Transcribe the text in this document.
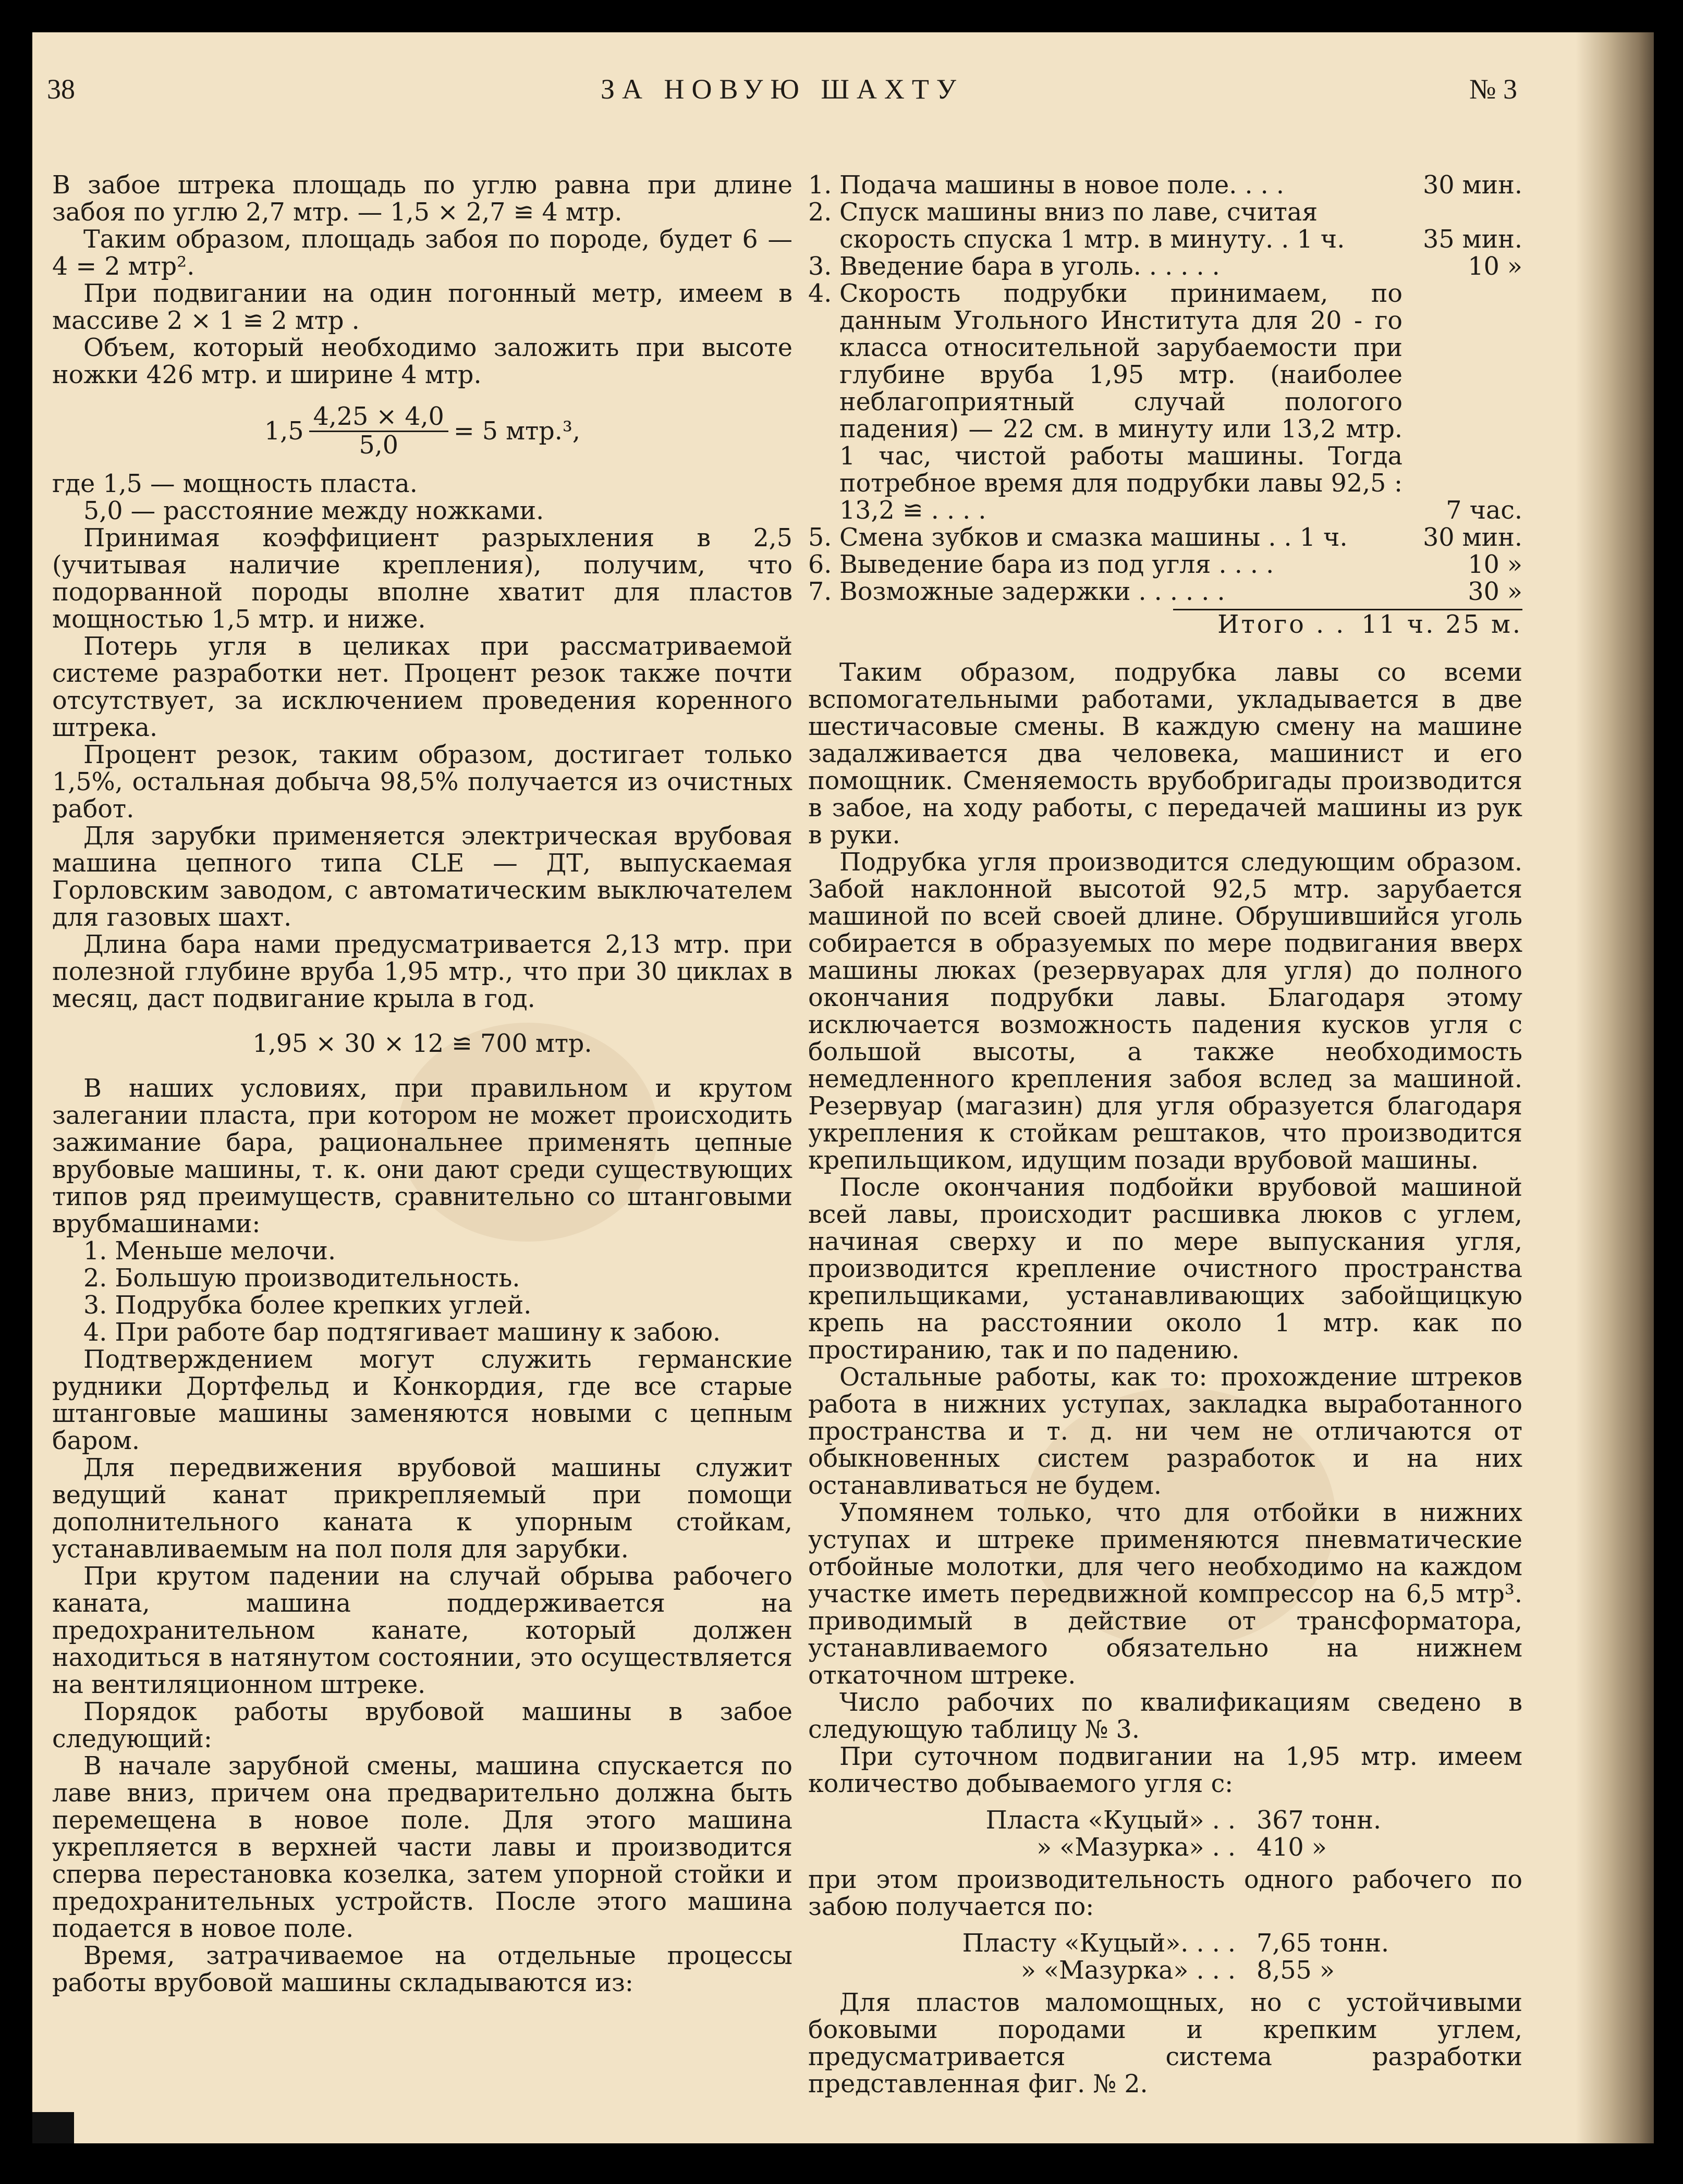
38	ЗА НОВУЮ ШАХТУ	№ 3

В забое штрека площадь по углю равна при длине забоя по углю 2,7 мтр. — 1,5 × 2,7 ≌ 4 мтр.

Таким образом, площадь забоя по породе, будет 6 — 4 = 2 мтр².

При подвигании на один погонный метр, имеем в массиве 2 × 1 ≌ 2 мтр .

Объем, который необходимо заложить при высоте ножки 426 мтр. и ширине 4 мтр.

$1,5 \frac{4,25 \times 4,0}{5,0} = 5$ мтр.³,

где 1,5 — мощность пласта.

5,0 — расстояние между ножками.

Принимая коэффициент разрыхления в 2,5 (учитывая наличие крепления), получим, что подорванной породы вполне хватит для пластов мощностью 1,5 мтр. и ниже.

Потерь угля в целиках при рассматриваемой системе разработки нет. Процент резок также почти отсутствует, за исключением проведения коренного штрека.

Процент резок, таким образом, достигает только 1,5%, остальная добыча 98,5% получается из очистных работ.

Для зарубки применяется электрическая врубовая машина цепного типа CLE — ДТ, выпускаемая Горловским заводом, с автоматическим выключателем для газовых шахт.

Длина бара нами предусматривается 2,13 мтр. при полезной глубине вруба 1,95 мтр., что при 30 циклах в месяц, даст подвигание крыла в год.

1,95 × 30 × 12 ≌ 700 мтр.

В наших условиях, при правильном и крутом залегании пласта, при котором не может происходить зажимание бара, рациональнее применять цепные врубовые машины, т. к. они дают среди существующих типов ряд преимуществ, сравнительно со штанговыми врубмашинами:

1. Меньше мелочи.

2. Большую производительность.

3. Подрубка более крепких углей.

4. При работе бар подтягивает машину к забою.

Подтверждением могут служить германские рудники Дортфельд и Конкордия, где все старые штанговые машины заменяются новыми с цепным баром.

Для передвижения врубовой машины служит ведущий канат прикрепляемый при помощи дополнительного каната к упорным стойкам, устанавливаемым на пол поля для зарубки.

При крутом падении на случай обрыва рабочего каната, машина поддерживается на предохранительном канате, который должен находиться в натянутом состоянии, это осуществляется на вентиляционном штреке.

Порядок работы врубовой машины в забое следующий:

В начале зарубной смены, машина спускается по лаве вниз, причем она предварительно должна быть перемещена в новое поле. Для этого машина укрепляется в верхней части лавы и производится сперва перестановка козелка, затем упорной стойки и предохранительных устройств. После этого машина подается в новое поле.

Время, затрачиваемое на отдельные процессы работы врубовой машины складываются из:

1. Подача машины в новое поле. . . .	30 мин.
2. Спуск машины вниз по лаве, считая
скорость спуска 1 мтр. в минуту. . 1 ч.	35 мин.
3. Введение бара в уголь. . . . . .	10 »
4. Скорость подрубки принимаем, по данным Угольного Института для 20 - го класса относительной зарубаемости при глубине вруба 1,95 мтр. (наиболее неблагоприятный случай пологого падения) — 22 см. в минуту или 13,2 мтр. 1 час, чистой работы машины. Тогда потребное время для подрубки лавы 92,5 : 13,2 ≌ . . . .	7 час.
5. Смена зубков и смазка машины . . 1 ч.	30 мин.
6. Выведение бара из под угля . . . .	10 »
7. Возможные задержки . . . . . .	30 »
Итого . . 11 ч. 25 м.

Таким образом, подрубка лавы со всеми вспомогательными работами, укладывается в две шестичасовые смены. В каждую смену на машине задалживается два человека, машинист и его помощник. Сменяемость врубобригады производится в забое, на ходу работы, с передачей машины из рук в руки.

Подрубка угля производится следующим образом. Забой наклонной высотой 92,5 мтр. зарубается машиной по всей своей длине. Обрушившийся уголь собирается в образуемых по мере подвигания вверх машины люках (резервуарах для угля) до полного окончания подрубки лавы. Благодаря этому исключается возможность падения кусков угля с большой высоты, а также необходимость немедленного крепления забоя вслед за машиной. Резервуар (магазин) для угля образуется благодаря укрепления к стойкам рештаков, что производится крепильщиком, идущим позади врубовой машины.

После окончания подбойки врубовой машиной всей лавы, происходит расшивка люков с углем, начиная сверху и по мере выпускания угля, производится крепление очистного пространства крепильщиками, устанавливающих забойщицкую крепь на расстоянии около 1 мтр. как по простиранию, так и по падению.

Остальные работы, как то: прохождение штреков работа в нижних уступах, закладка выработанного пространства и т. д. ни чем не отличаются от обыкновенных систем разработок и на них останавливаться не будем.

Упомянем только, что для отбойки в нижних уступах и штреке применяются пневматические отбойные молотки, для чего необходимо на каждом участке иметь передвижной компрессор на 6,5 мтр³. приводимый в действие от трансформатора, устанавливаемого обязательно на нижнем откаточном штреке.

Число рабочих по квалификациям сведено в следующую таблицу № 3.

При суточном подвигании на 1,95 мтр. имеем количество добываемого угля с:

Пласта «Куцый» . . 367 тонн.
» «Мазурка» . . 410 »

при этом производительность одного рабочего по забою получается по:

Пласту «Куцый». . . . 7,65 тонн.
» «Мазурка» . . . 8,55 »

Для пластов маломощных, но с устойчивыми боковыми породами и крепким углем, предусматривается система разработки представленная фиг. № 2.
